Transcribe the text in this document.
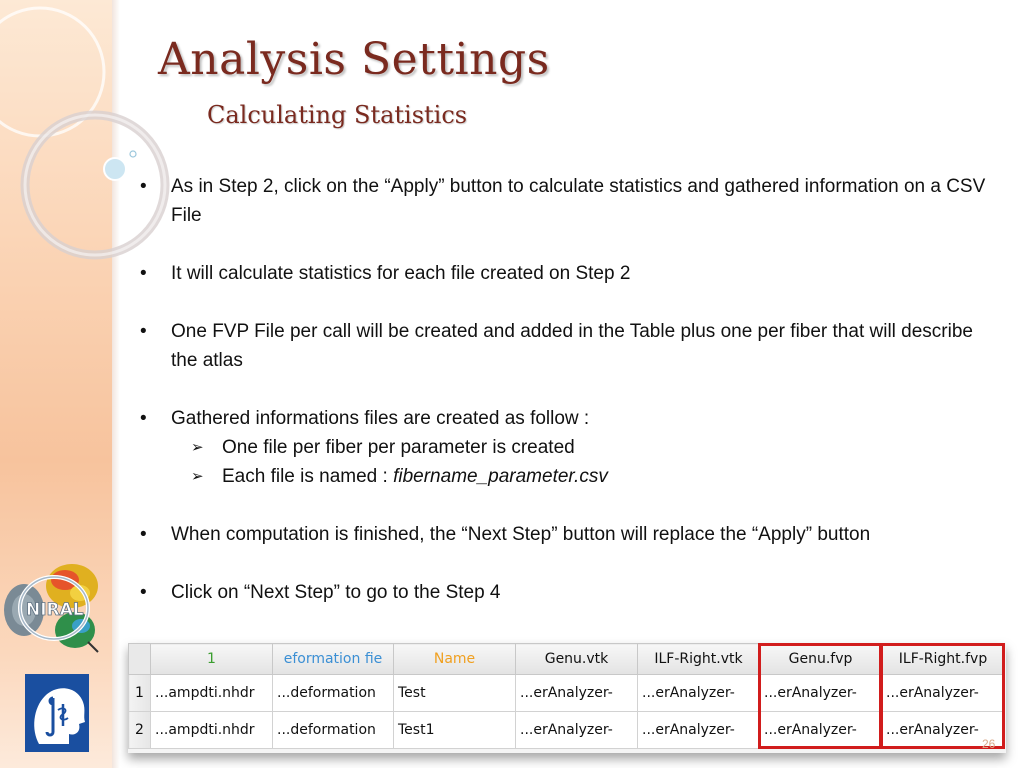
Analysis Settings
Calculating Statistics
• As in Step 2, click on the “Apply” button to calculate statistics and gathered information on a CSV File
• It will calculate statistics for each file created on Step 2
• One FVP File per call will be created and added in the Table plus one per fiber that will describe the atlas
• Gathered informations files are created as follow :
➢ One file per fiber per parameter is created
➢ Each file is named : fibername_parameter.csv
• When computation is finished, the “Next Step” button will replace the “Apply” button
• Click on “Next Step” to go to the Step 4
NIRAL
	1	eformation fie	Name	Genu.vtk	ILF-Right.vtk	Genu.fvp	ILF-Right.fvp
1	...ampdti.nhdr	...deformation	Test	...erAnalyzer-	...erAnalyzer-	...erAnalyzer-	...erAnalyzer-
2	...ampdti.nhdr	...deformation	Test1	...erAnalyzer-	...erAnalyzer-	...erAnalyzer-	...erAnalyzer-
26
